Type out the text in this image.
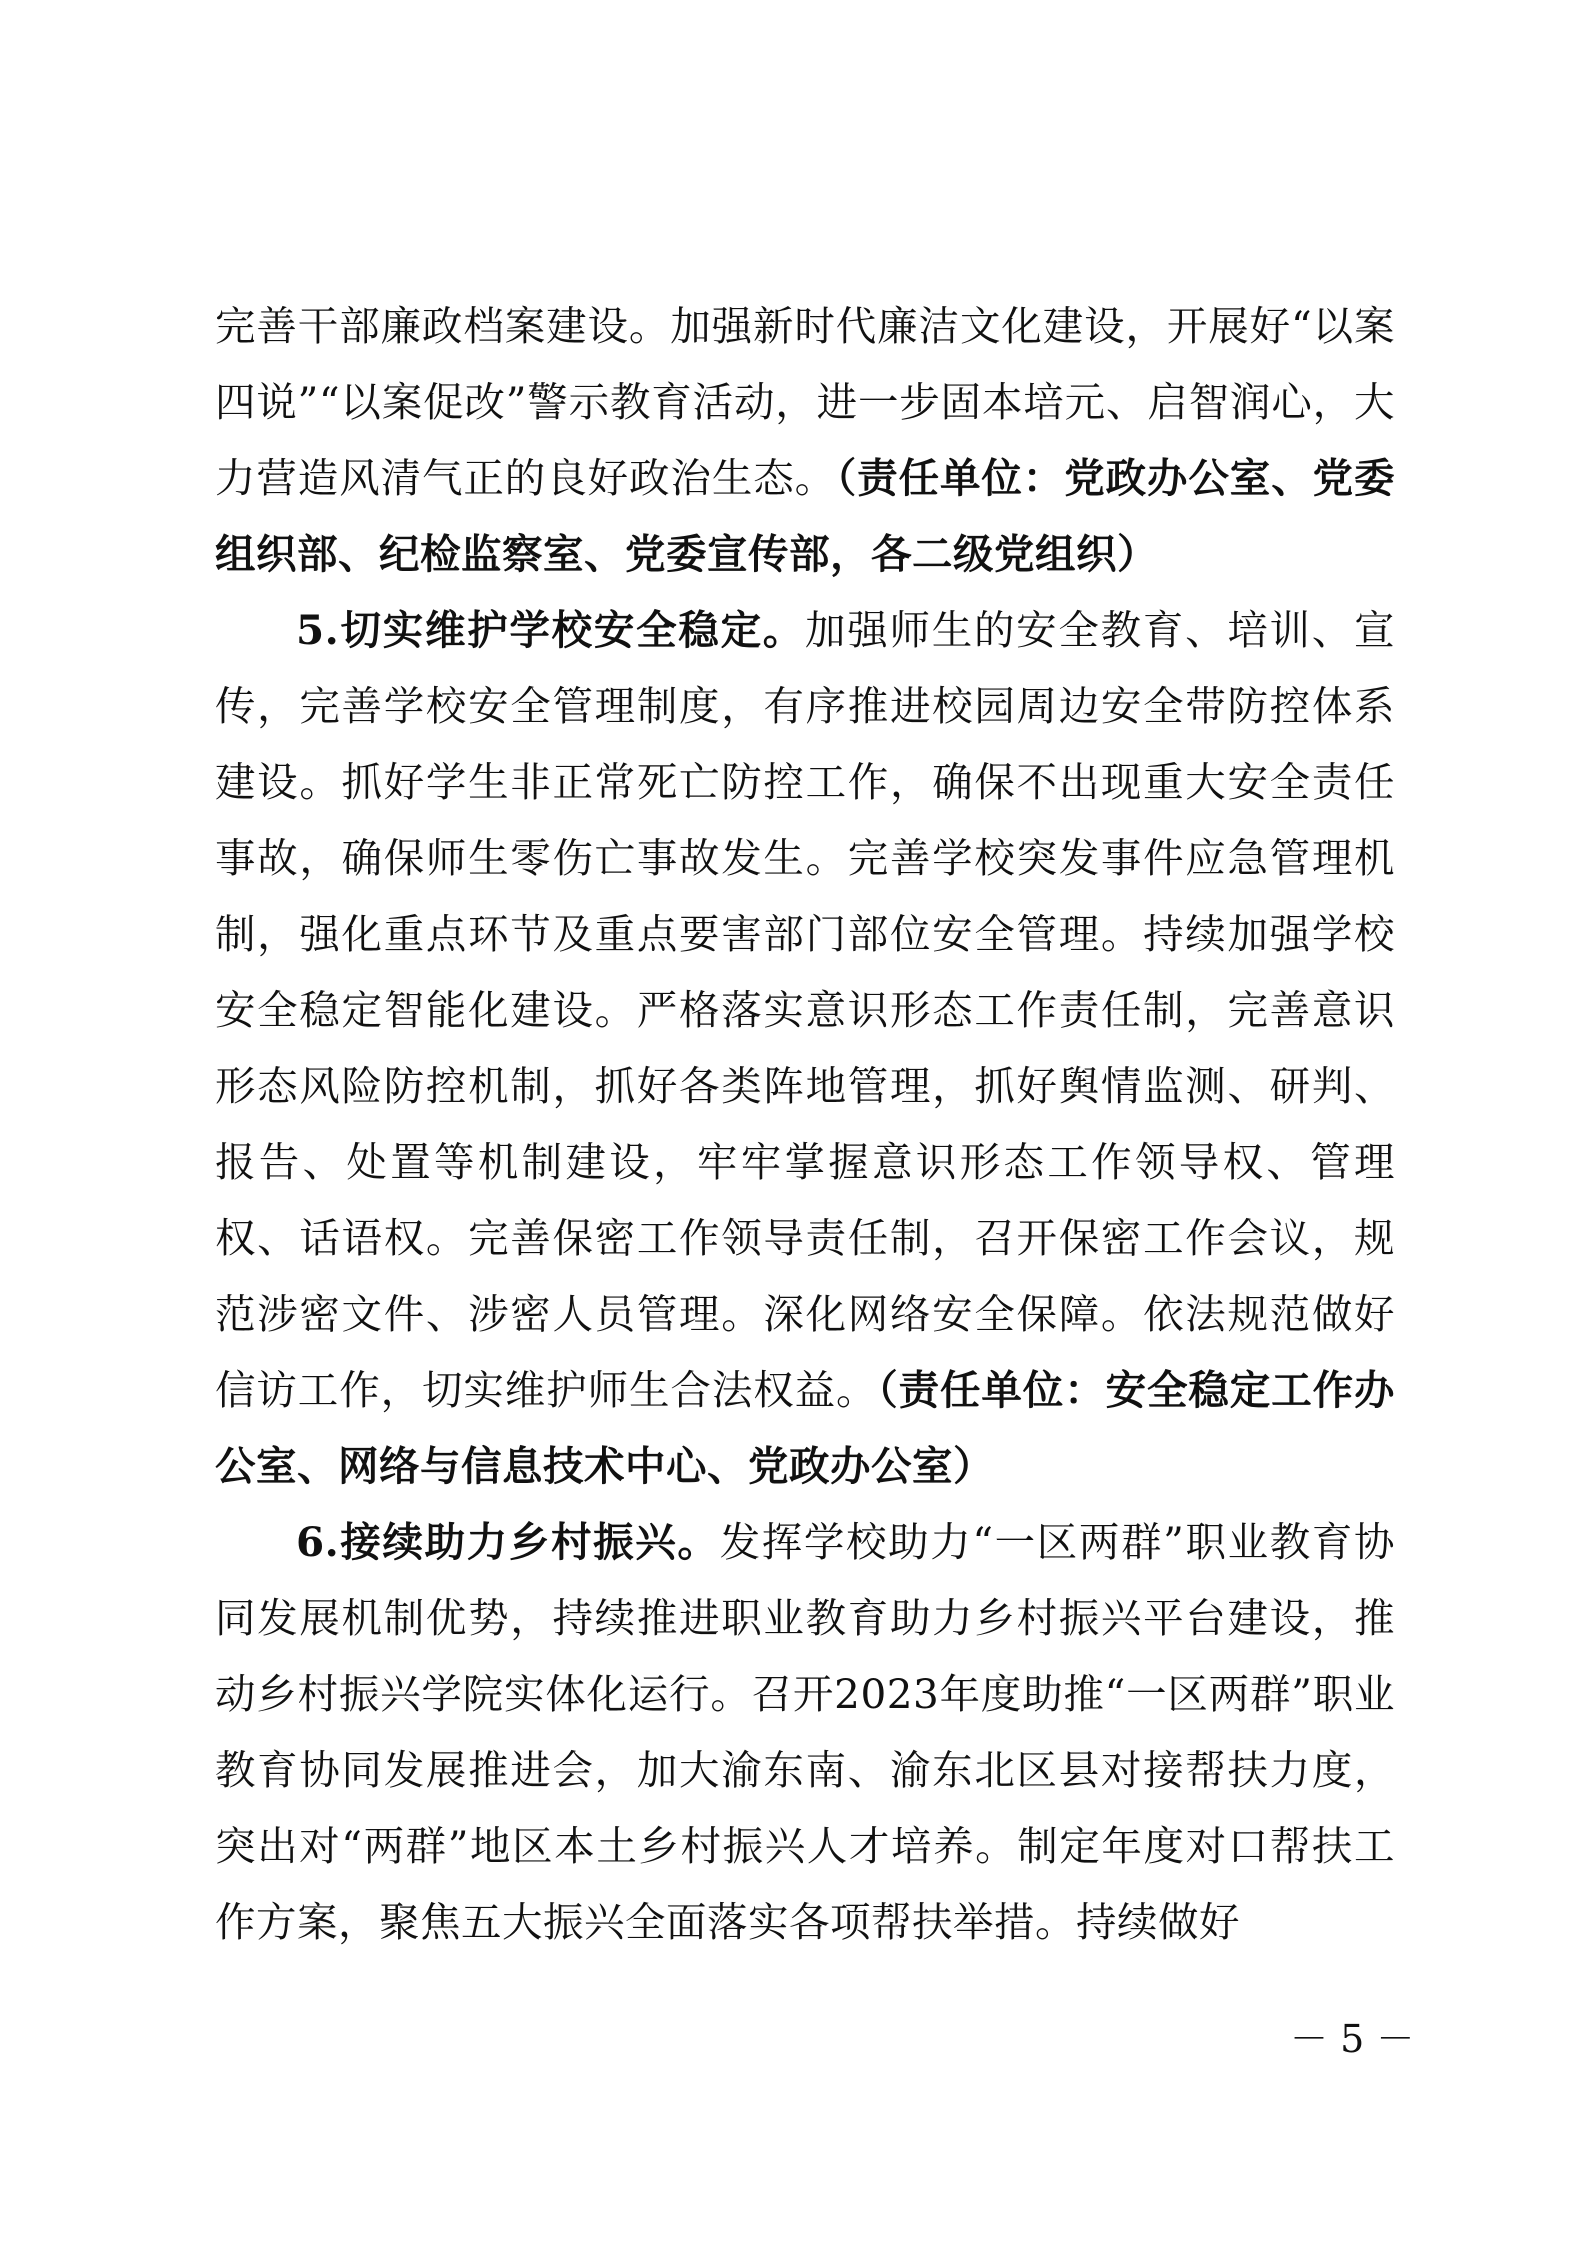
完善干部廉政档案建设。加强新时代廉洁文化建设，开展好“以案四说”“以案促改”警示教育活动，进一步固本培元、启智润心，大力营造风清气正的良好政治生态。（责任单位：党政办公室、党委组织部、纪检监察室、党委宣传部，各二级党组织）

5.切实维护学校安全稳定。加强师生的安全教育、培训、宣传，完善学校安全管理制度，有序推进校园周边安全带防控体系建设。抓好学生非正常死亡防控工作，确保不出现重大安全责任事故，确保师生零伤亡事故发生。完善学校突发事件应急管理机制，强化重点环节及重点要害部门部位安全管理。持续加强学校安全稳定智能化建设。严格落实意识形态工作责任制，完善意识形态风险防控机制，抓好各类阵地管理，抓好舆情监测、研判、报告、处置等机制建设，牢牢掌握意识形态工作领导权、管理权、话语权。完善保密工作领导责任制，召开保密工作会议，规范涉密文件、涉密人员管理。深化网络安全保障。依法规范做好信访工作，切实维护师生合法权益。（责任单位：安全稳定工作办公室、网络与信息技术中心、党政办公室）

6.接续助力乡村振兴。发挥学校助力“一区两群”职业教育协同发展机制优势，持续推进职业教育助力乡村振兴平台建设，推动乡村振兴学院实体化运行。召开2023年度助推“一区两群”职业教育协同发展推进会，加大渝东南、渝东北区县对接帮扶力度，突出对“两群”地区本土乡村振兴人才培养。制定年度对口帮扶工作方案，聚焦五大振兴全面落实各项帮扶举措。持续做好

－ 5 －
